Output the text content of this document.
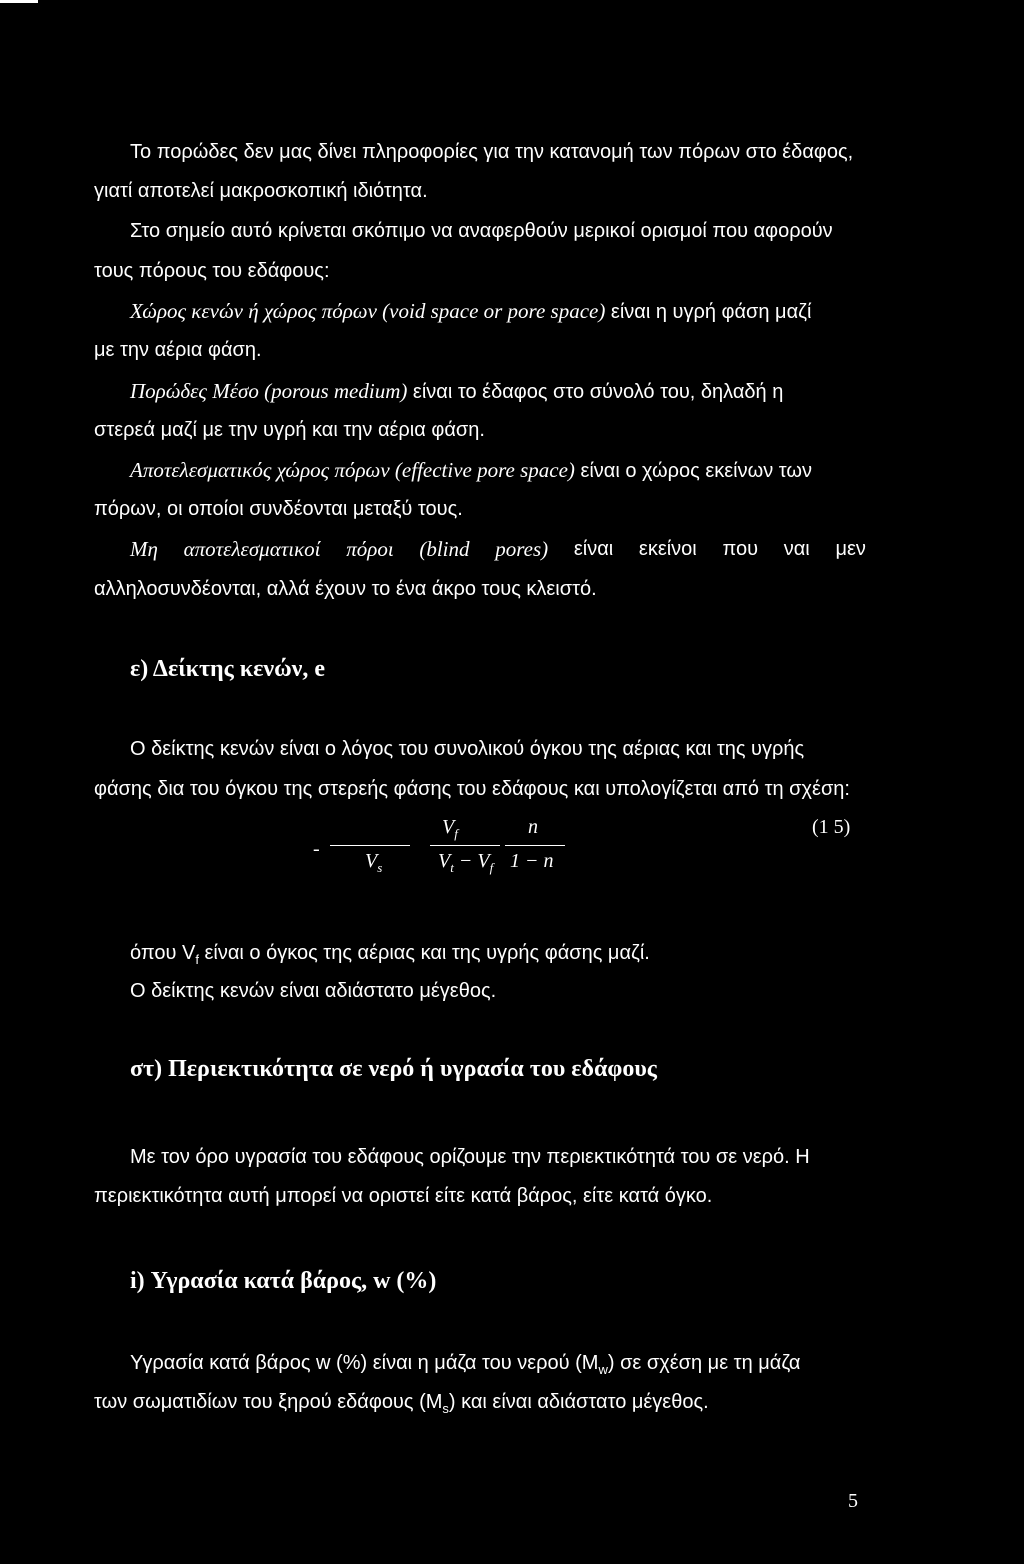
Το πορώδες δεν μας δίνει πληροφορίες για την κατανομή των πόρων στο έδαφος,
γιατί αποτελεί μακροσκοπική ιδιότητα.
Στο σημείο αυτό κρίνεται σκόπιμο να αναφερθούν μερικοί ορισμοί που αφορούν
τους πόρους του εδάφους:
Χώρος κενών ή χώρος πόρων (void space or pore space) είναι η υγρή φάση μαζί
με την αέρια φάση.
Πορώδες Μέσο (porous medium) είναι το έδαφος στο σύνολό του, δηλαδή η
στερεά μαζί με την υγρή και την αέρια φάση.
Αποτελεσματικός χώρος πόρων (effective pore space) είναι ο χώρος εκείνων των
πόρων, οι οποίοι συνδέονται μεταξύ τους.
Μη αποτελεσματικοί πόροι (blind pores) είναι εκείνοι που ναι μεν
αλληλοσυνδέονται, αλλά έχουν το ένα άκρο τους κλειστό.
ε) Δείκτης κενών, e
Ο δείκτης κενών είναι ο λόγος του συνολικού όγκου της αέριας και της υγρής
φάσης δια του όγκου της στερεής φάσης του εδάφους και υπολογίζεται από τη σχέση:
-
$V_s$
$V_f$
$V_t - V_f$
n
1 − n
(1 5)
όπου $V_f$ είναι ο όγκος της αέριας και της υγρής φάσης μαζί.
Ο δείκτης κενών είναι αδιάστατο μέγεθος.
στ) Περιεκτικότητα σε νερό ή υγρασία του εδάφους
Με τον όρο υγρασία του εδάφους ορίζουμε την περιεκτικότητά του σε νερό. Η
περιεκτικότητα αυτή μπορεί να οριστεί είτε κατά βάρος, είτε κατά όγκο.
i) Υγρασία κατά βάρος, w (%)
Υγρασία κατά βάρος w (%) είναι η μάζα του νερού $(M_w)$ σε σχέση με τη μάζα
των σωματιδίων του ξηρού εδάφους $(M_s)$ και είναι αδιάστατο μέγεθος.
5
